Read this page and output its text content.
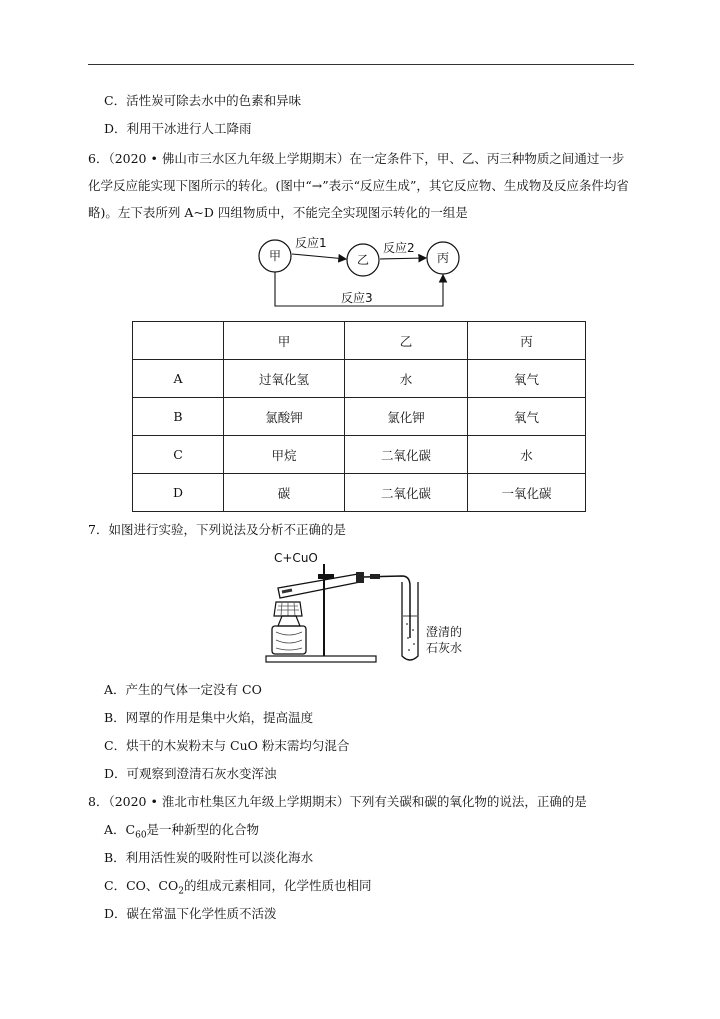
C．活性炭可除去水中的色素和异味
D．利用干冰进行人工降雨
6．（2020 • 佛山市三水区九年级上学期期末）在一定条件下，甲、乙、丙三种物质之间通过一步化学反应能实现下图所示的转化。(图中“→”表示“反应生成”，其它反应物、生成物及反应条件均省略)。左下表所列 A~D 四组物质中，不能完全实现图示转化的一组是
甲	乙	丙
反应1	反应2
反应3
	甲	乙	丙
A	过氧化氢	水	氧气
B	氯酸钾	氯化钾	氧气
C	甲烷	二氧化碳	水
D	碳	二氧化碳	一氧化碳
7．如图进行实验，下列说法及分析不正确的是
C+CuO
澄清的
石灰水
A．产生的气体一定没有 CO
B．网罩的作用是集中火焰，提高温度
C．烘干的木炭粉末与 CuO 粉末需均匀混合
D．可观察到澄清石灰水变浑浊
8．（2020 • 淮北市杜集区九年级上学期期末）下列有关碳和碳的氧化物的说法，正确的是
A．$C_{60}$是一种新型的化合物
B．利用活性炭的吸附性可以淡化海水
C．CO、$CO_2$的组成元素相同，化学性质也相同
D．碳在常温下化学性质不活泼
